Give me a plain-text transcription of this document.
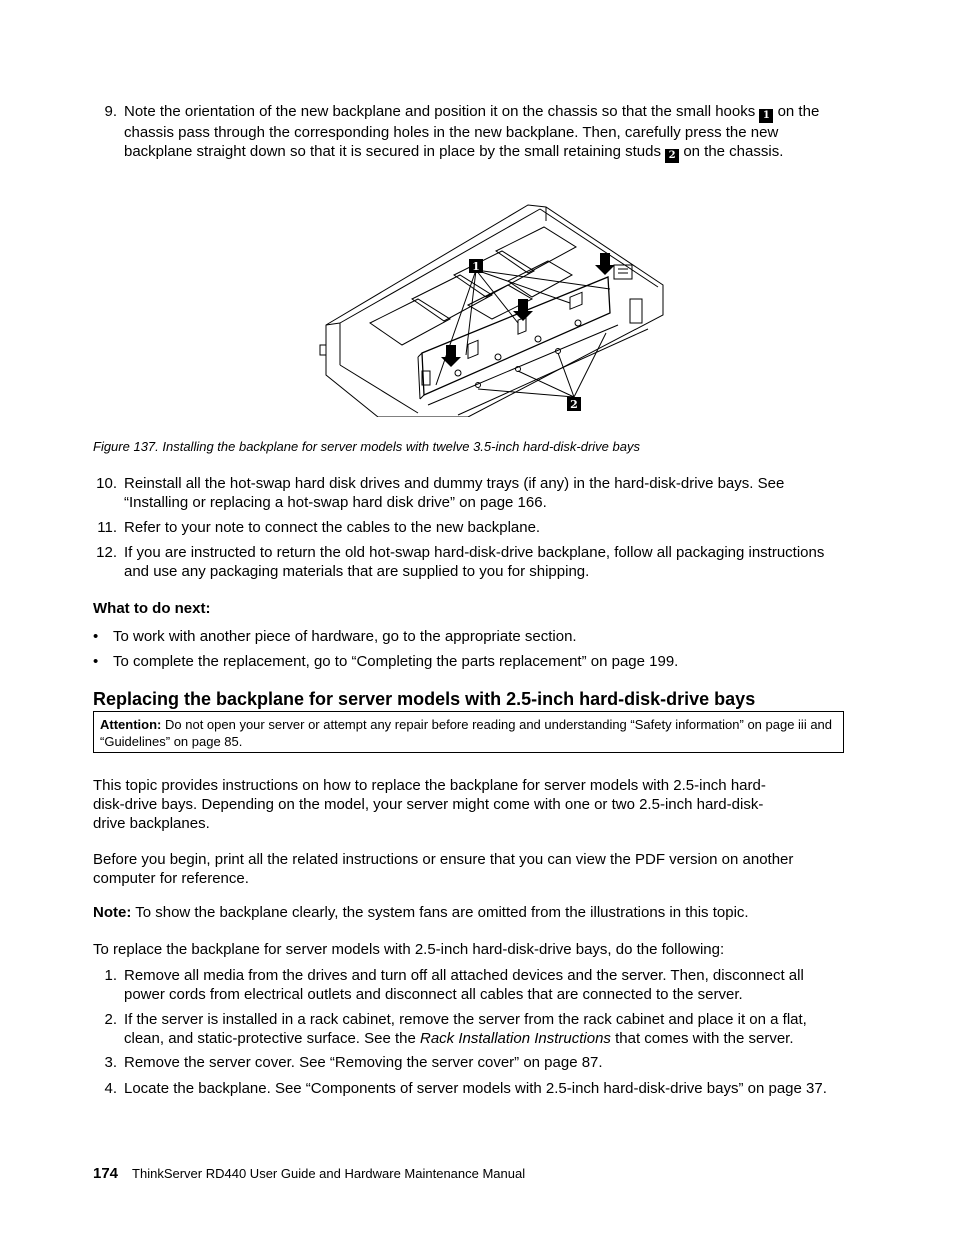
9. Note the orientation of the new backplane and position it on the chassis so that the small hooks 1 on the chassis pass through the corresponding holes in the new backplane. Then, carefully press the new backplane straight down so that it is secured in place by the small retaining studs 2 on the chassis.
1
2
Figure 137. Installing the backplane for server models with twelve 3.5-inch hard-disk-drive bays
10. Reinstall all the hot-swap hard disk drives and dummy trays (if any) in the hard-disk-drive bays. See “Installing or replacing a hot-swap hard disk drive” on page 166.
11. Refer to your note to connect the cables to the new backplane.
12. If you are instructed to return the old hot-swap hard-disk-drive backplane, follow all packaging instructions and use any packaging materials that are supplied to you for shipping.
What to do next:
• To work with another piece of hardware, go to the appropriate section.
• To complete the replacement, go to “Completing the parts replacement” on page 199.
Replacing the backplane for server models with 2.5-inch hard-disk-drive bays
Attention: Do not open your server or attempt any repair before reading and understanding “Safety information” on page iii and “Guidelines” on page 85.

This topic provides instructions on how to replace the backplane for server models with 2.5-inch hard-disk-drive bays. Depending on the model, your server might come with one or two 2.5-inch hard-disk-drive backplanes.

Before you begin, print all the related instructions or ensure that you can view the PDF version on another computer for reference.

Note: To show the backplane clearly, the system fans are omitted from the illustrations in this topic.

To replace the backplane for server models with 2.5-inch hard-disk-drive bays, do the following:

1. Remove all media from the drives and turn off all attached devices and the server. Then, disconnect all power cords from electrical outlets and disconnect all cables that are connected to the server.
2. If the server is installed in a rack cabinet, remove the server from the rack cabinet and place it on a flat, clean, and static-protective surface. See the Rack Installation Instructions that comes with the server.
3. Remove the server cover. See “Removing the server cover” on page 87.
4. Locate the backplane. See “Components of server models with 2.5-inch hard-disk-drive bays” on page 37.
174 ThinkServer RD440 User Guide and Hardware Maintenance Manual
